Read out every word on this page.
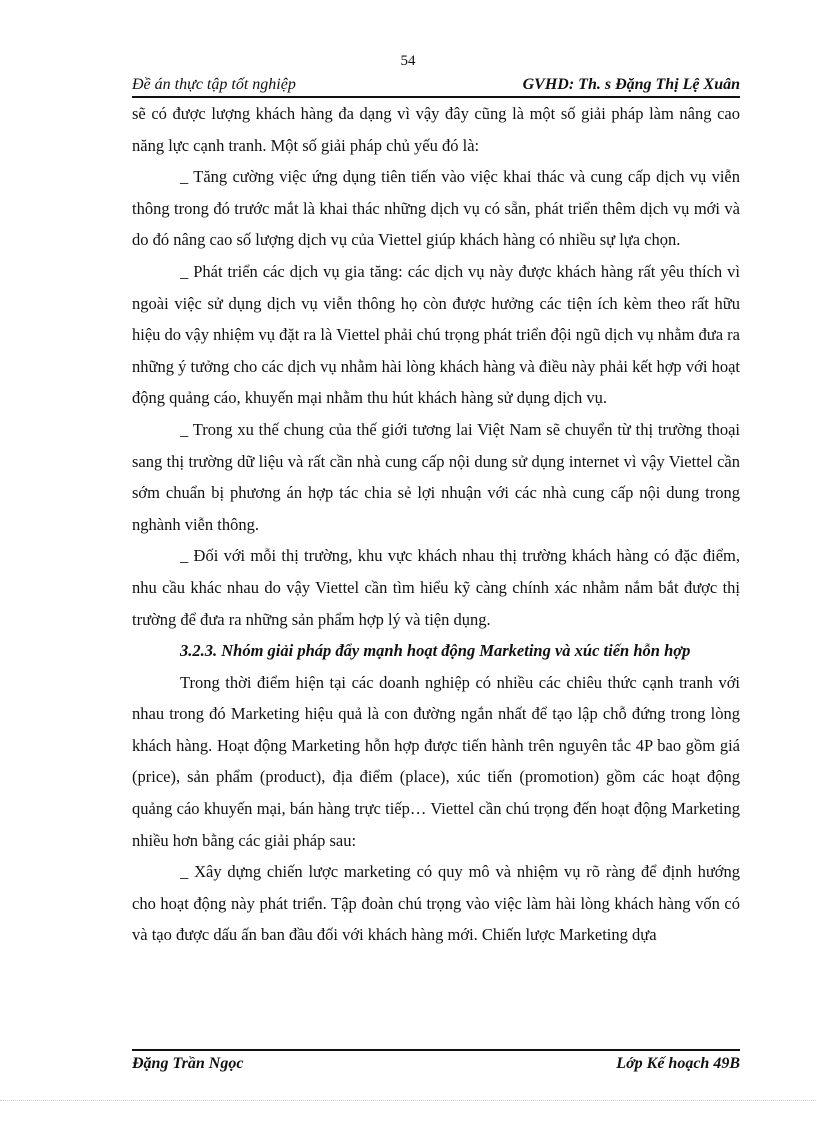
54
Đề án thực tập tốt nghiệp	GVHD: Th. s Đặng Thị Lệ Xuân

sẽ có được lượng khách hàng đa dạng vì vậy đây cũng là một số giải pháp làm nâng cao năng lực cạnh tranh. Một số giải pháp chủ yếu đó là:

_ Tăng cường việc ứng dụng tiên tiến vào việc khai thác và cung cấp dịch vụ viễn thông trong đó trước mắt là khai thác những dịch vụ có sẵn, phát triển thêm dịch vụ mới và do đó nâng cao số lượng dịch vụ của Viettel giúp khách hàng có nhiều sự lựa chọn.

_ Phát triển các dịch vụ gia tăng: các dịch vụ này được khách hàng rất yêu thích vì ngoài việc sử dụng dịch vụ viễn thông họ còn được hưởng các tiện ích kèm theo rất hữu hiệu do vậy nhiệm vụ đặt ra là Viettel phải chú trọng phát triển đội ngũ dịch vụ nhằm đưa ra những ý tưởng cho các dịch vụ nhằm hài lòng khách hàng và điều này phải kết hợp với hoạt động quảng cáo, khuyến mại nhằm thu hút khách hàng sử dụng dịch vụ.

_ Trong xu thế chung của thế giới tương lai Việt Nam sẽ chuyển từ thị trường thoại sang thị trường dữ liệu và rất cần nhà cung cấp nội dung sử dụng internet vì vậy Viettel cần sớm chuẩn bị phương án hợp tác chia sẻ lợi nhuận với các nhà cung cấp nội dung trong nghành viễn thông.

_ Đối với mỗi thị trường, khu vực khách nhau thị trường khách hàng có đặc điểm, nhu cầu khác nhau do vậy Viettel cần tìm hiểu kỹ càng chính xác nhằm nắm bắt được thị trường để đưa ra những sản phẩm hợp lý và tiện dụng.

3.2.3. Nhóm giải pháp đẩy mạnh hoạt động Marketing và xúc tiến hỗn hợp

Trong thời điểm hiện tại các doanh nghiệp có nhiều các chiêu thức cạnh tranh với nhau trong đó Marketing hiệu quả là con đường ngắn nhất để tạo lập chỗ đứng trong lòng khách hàng. Hoạt động Marketing hỗn hợp được tiến hành trên nguyên tắc 4P bao gồm giá (price), sản phẩm (product), địa điểm (place), xúc tiến (promotion) gồm các hoạt động quảng cáo khuyến mại, bán hàng trực tiếp… Viettel cần chú trọng đến hoạt động Marketing nhiều hơn bằng các giải pháp sau:

_ Xây dựng chiến lược marketing có quy mô và nhiệm vụ rõ ràng để định hướng cho hoạt động này phát triển. Tập đoàn chú trọng vào việc làm hài lòng khách hàng vốn có và tạo được dấu ấn ban đầu đối với khách hàng mới. Chiến lược Marketing dựa

Đặng Trần Ngọc	Lớp Kế hoạch 49B
